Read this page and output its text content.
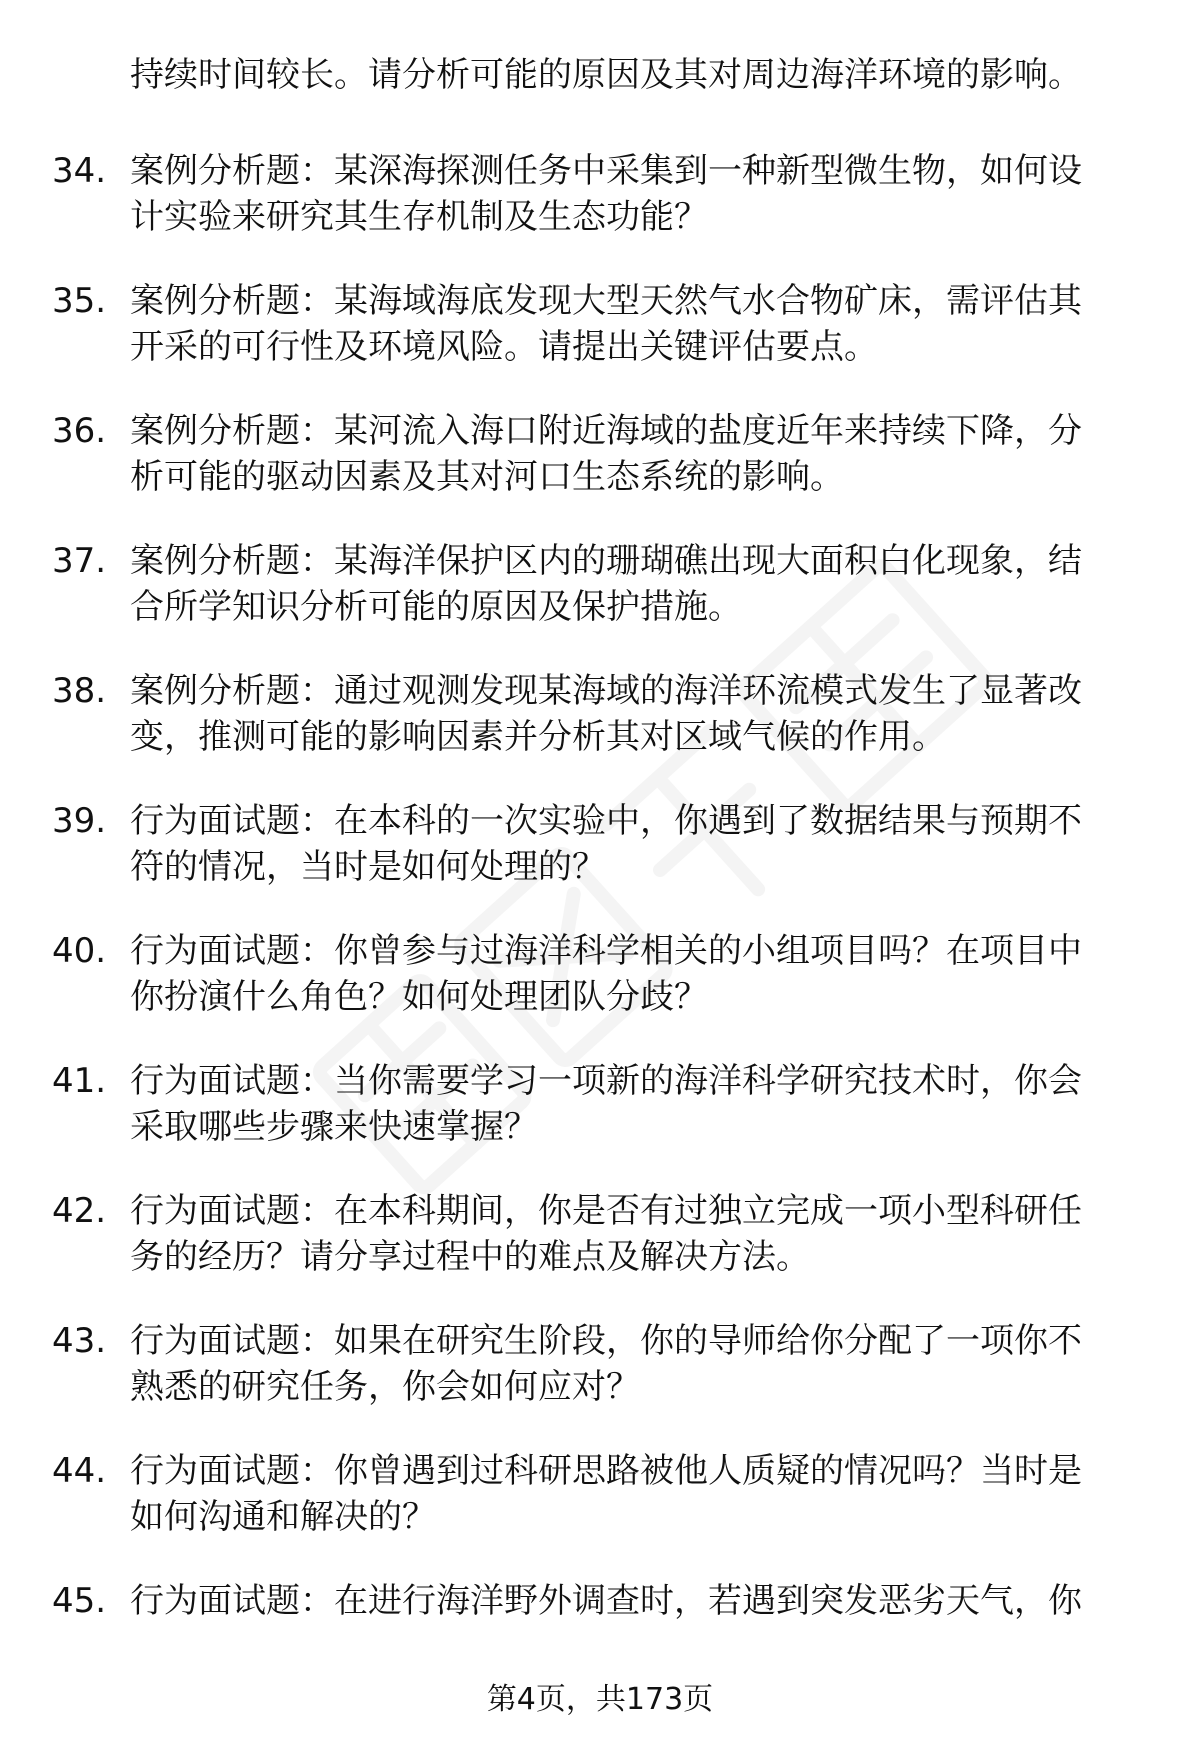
持续时间较长。请分析可能的原因及其对周边海洋环境的影响。
34. 案例分析题：某深海探测任务中采集到一种新型微生物，如何设
计实验来研究其生存机制及生态功能？
35. 案例分析题：某海域海底发现大型天然气水合物矿床，需评估其
开采的可行性及环境风险。请提出关键评估要点。
36. 案例分析题：某河流入海口附近海域的盐度近年来持续下降，分
析可能的驱动因素及其对河口生态系统的影响。
37. 案例分析题：某海洋保护区内的珊瑚礁出现大面积白化现象，结
合所学知识分析可能的原因及保护措施。
38. 案例分析题：通过观测发现某海域的海洋环流模式发生了显著改
变，推测可能的影响因素并分析其对区域气候的作用。
39. 行为面试题：在本科的一次实验中，你遇到了数据结果与预期不
符的情况，当时是如何处理的？
40. 行为面试题：你曾参与过海洋科学相关的小组项目吗？在项目中
你扮演什么角色？如何处理团队分歧？
41. 行为面试题：当你需要学习一项新的海洋科学研究技术时，你会
采取哪些步骤来快速掌握？
42. 行为面试题：在本科期间，你是否有过独立完成一项小型科研任
务的经历？请分享过程中的难点及解决方法。
43. 行为面试题：如果在研究生阶段，你的导师给你分配了一项你不
熟悉的研究任务，你会如何应对？
44. 行为面试题：你曾遇到过科研思路被他人质疑的情况吗？当时是
如何沟通和解决的？
45. 行为面试题：在进行海洋野外调查时，若遇到突发恶劣天气，你
第4页，共173页
